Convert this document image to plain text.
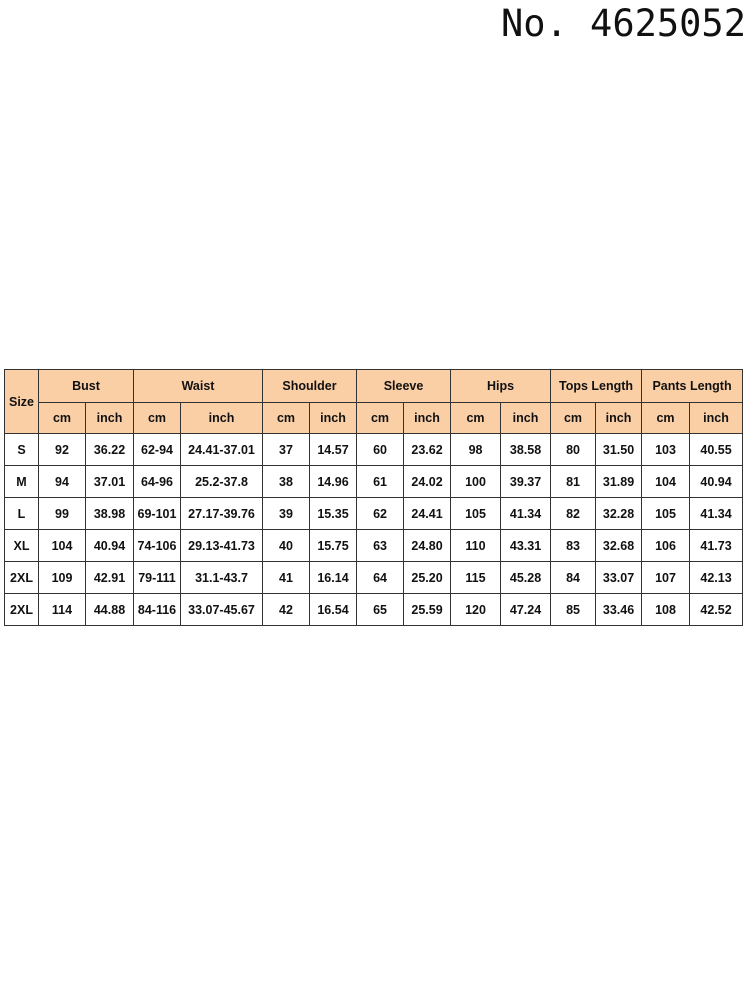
No. 4625052
Size	Bust		Waist		Shoulder		Sleeve		Hips		Tops Length		Pants Length	
	cm	inch	cm	inch	cm	inch	cm	inch	cm	inch	cm	inch	cm	inch
S	92	36.22	62-94	24.41-37.01	37	14.57	60	23.62	98	38.58	80	31.50	103	40.55
M	94	37.01	64-96	25.2-37.8	38	14.96	61	24.02	100	39.37	81	31.89	104	40.94
L	99	38.98	69-101	27.17-39.76	39	15.35	62	24.41	105	41.34	82	32.28	105	41.34
XL	104	40.94	74-106	29.13-41.73	40	15.75	63	24.80	110	43.31	83	32.68	106	41.73
2XL	109	42.91	79-111	31.1-43.7	41	16.14	64	25.20	115	45.28	84	33.07	107	42.13
2XL	114	44.88	84-116	33.07-45.67	42	16.54	65	25.59	120	47.24	85	33.46	108	42.52
